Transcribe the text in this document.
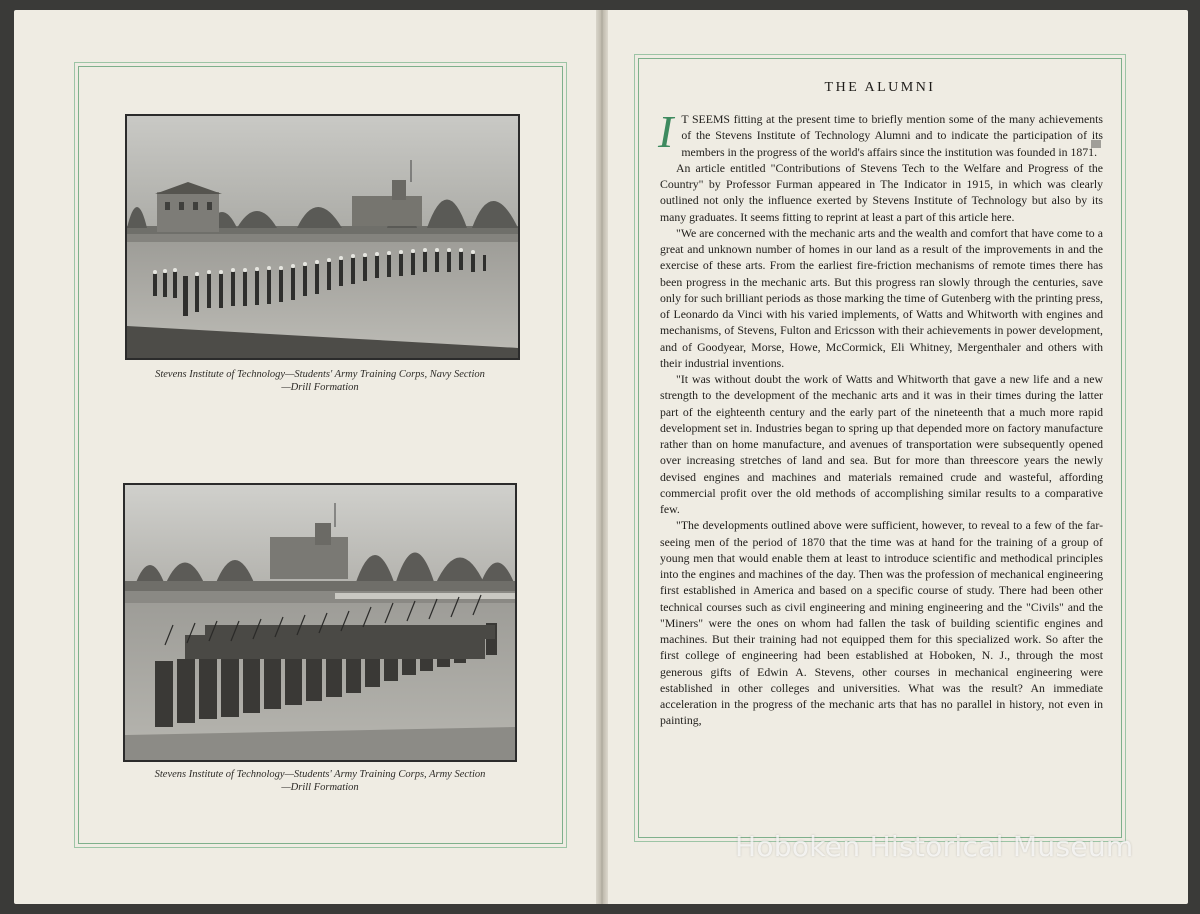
Stevens Institute of Technology—Students' Army Training Corps, Navy Section
—Drill Formation
Stevens Institute of Technology—Students' Army Training Corps, Army Section
—Drill Formation
THE ALUMNI

I T SEEMS fitting at the present time to briefly mention some of the many achievements of the Stevens Institute of Technology Alumni and to indicate the participation of its members in the progress of the world's affairs since the institution was founded in 1871.

An article entitled "Contributions of Stevens Tech to the Welfare and Progress of the Country" by Professor Furman appeared in The Indicator in 1915, in which was clearly outlined not only the influence exerted by Stevens Institute of Technology but also by its many graduates. It seems fitting to reprint at least a part of this article here.

"We are concerned with the mechanic arts and the wealth and comfort that have come to a great and unknown number of homes in our land as a result of the improvements in and the exercise of these arts. From the earliest fire-friction mechanisms of remote times there has been progress in the mechanic arts. But this progress ran slowly through the centuries, save only for such brilliant periods as those marking the time of Gutenberg with the printing press, of Leonardo da Vinci with his varied implements, of Watts and Whitworth with engines and mechanisms, of Stevens, Fulton and Ericsson with their achievements in power development, and of Goodyear, Morse, Howe, McCormick, Eli Whitney, Mergenthaler and others with their industrial inventions.

"It was without doubt the work of Watts and Whitworth that gave a new life and a new strength to the development of the mechanic arts and it was in their times during the latter part of the eighteenth century and the early part of the nineteenth that a much more rapid development set in. Industries began to spring up that depended more on factory manufacture rather than on home manufacture, and avenues of transportation were subsequently opened over increasing stretches of land and sea. But for more than threescore years the newly devised engines and machines and materials remained crude and wasteful, affording commercial profit over the old methods of accomplishing similar results to a comparative few.

"The developments outlined above were sufficient, however, to reveal to a few of the far-seeing men of the period of 1870 that the time was at hand for the training of a group of young men that would enable them at least to introduce scientific and methodical principles into the engines and machines of the day. Then was the profession of mechanical engineering first established in America and based on a specific course of study. There had been other technical courses such as civil engineering and mining engineering and the "Civils" and the "Miners" were the ones on whom had fallen the task of building scientific engines and machines. But their training had not equipped them for this specialized work. So after the first college of engineering had been established at Hoboken, N. J., through the most generous gifts of Edwin A. Stevens, other courses in mechanical engineering were established in other colleges and universities. What was the result? An immediate acceleration in the progress of the mechanic arts that has no parallel in history, not even in painting,

Hoboken Historical Museum
